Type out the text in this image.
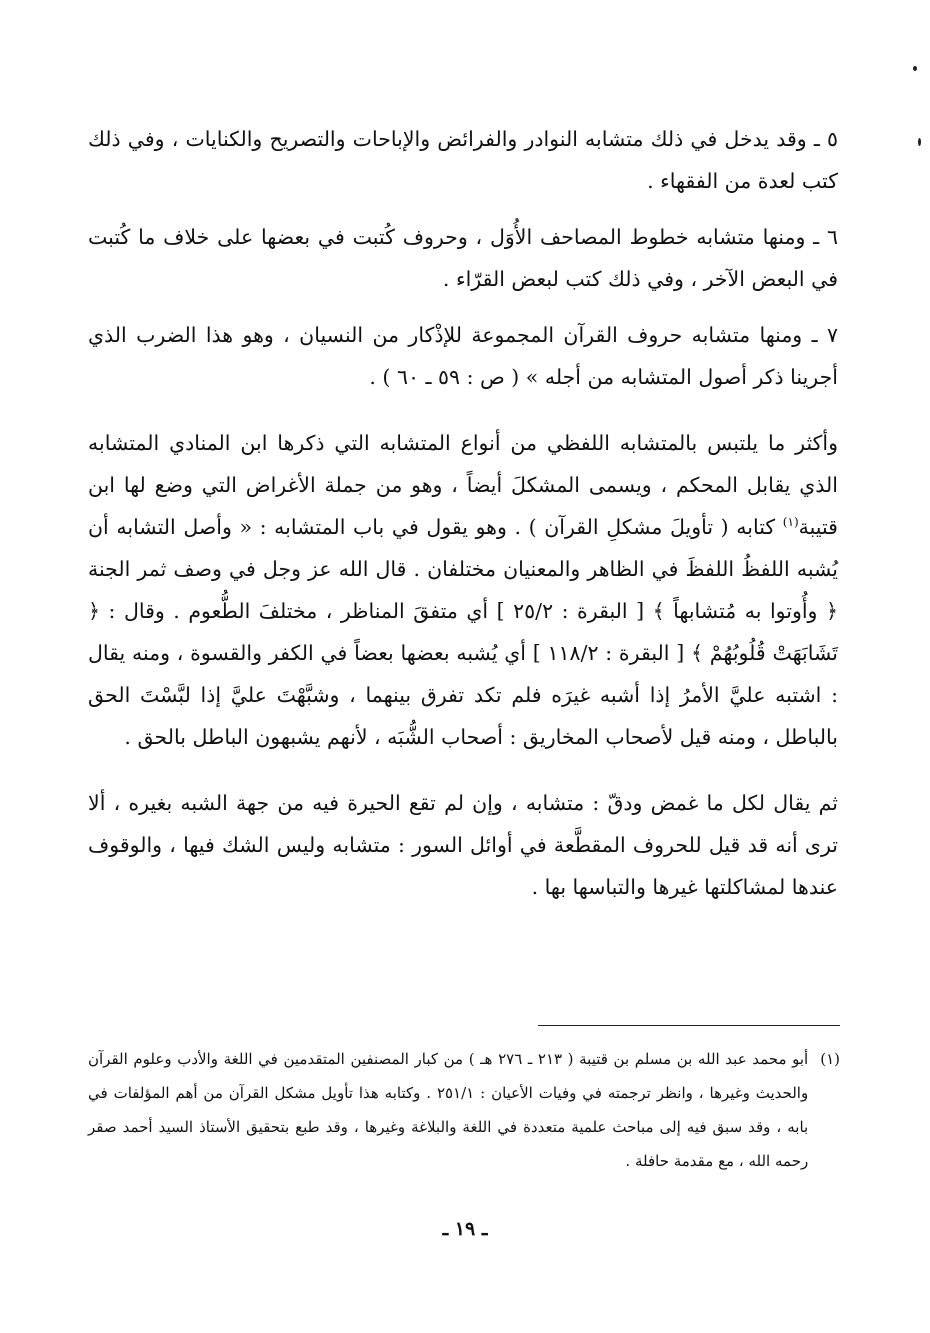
٥ ـ وقد يدخل في ذلك متشابه النوادر والفرائض والإباحات والتصريح والكنايات ، وفي ذلك كتب لعدة من الفقهاء .

٦ ـ ومنها متشابه خطوط المصاحف الأُوَل ، وحروف كُتبت في بعضها على خلاف ما كُتبت في البعض الآخر ، وفي ذلك كتب لبعض القرّاء .

٧ ـ ومنها متشابه حروف القرآن المجموعة للإذْكار من النسيان ، وهو هذا الضرب الذي أجرينا ذكر أصول المتشابه من أجله » ( ص : ٥٩ ـ ٦٠ ) .

وأكثر ما يلتبس بالمتشابه اللفظي من أنواع المتشابه التي ذكرها ابن المنادي المتشابه الذي يقابل المحكم ، ويسمى المشكلَ أيضاً ، وهو من جملة الأغراض التي وضع لها ابن قتيبة$^{(١)}$ كتابه ( تأويلَ مشكلِ القرآن ) . وهو يقول في باب المتشابه : « وأصل التشابه أن يُشبه اللفظُ اللفظَ في الظاهر والمعنيان مختلفان . قال الله عز وجل في وصف ثمر الجنة ﴿ وأُوتوا به مُتشابهاً ﴾ [ البقرة : ٢٥/٢ ] أي متفقَ المناظر ، مختلفَ الطُّعوم . وقال : ﴿ تَشَابَهَتْ قُلُوبُهُمْ ﴾ [ البقرة : ١١٨/٢ ] أي يُشبه بعضها بعضاً في الكفر والقسوة ، ومنه يقال : اشتبه عليَّ الأمرُ إذا أشبه غيرَه فلم تكد تفرق بينهما ، وشبَّهْتَ عليَّ إذا لبَّسْتَ الحق بالباطل ، ومنه قيل لأصحاب المخاريق : أصحاب الشُّبَه ، لأنهم يشبهون الباطل بالحق .

ثم يقال لكل ما غمض ودقّ : متشابه ، وإن لم تقع الحيرة فيه من جهة الشبه بغيره ، ألا ترى أنه قد قيل للحروف المقطَّعة في أوائل السور : متشابه وليس الشك فيها ، والوقوف عندها لمشاكلتها غيرها والتباسها بها .

(١)
أبو محمد عبد الله بن مسلم بن قتيبة ( ٢١٣ ـ ٢٧٦ هـ ) من كبار المصنفين المتقدمين في اللغة والأدب وعلوم القرآن والحديث وغيرها ، وانظر ترجمته في وفيات الأعيان : ٢٥١/١ . وكتابه هذا تأويل مشكل القرآن من أهم المؤلفات في بابه ، وقد سبق فيه إلى مباحث علمية متعددة في اللغة والبلاغة وغيرها ، وقد طبع بتحقيق الأستاذ السيد أحمد صقر رحمه الله ، مع مقدمة حافلة .
ـ ١٩ ـ
